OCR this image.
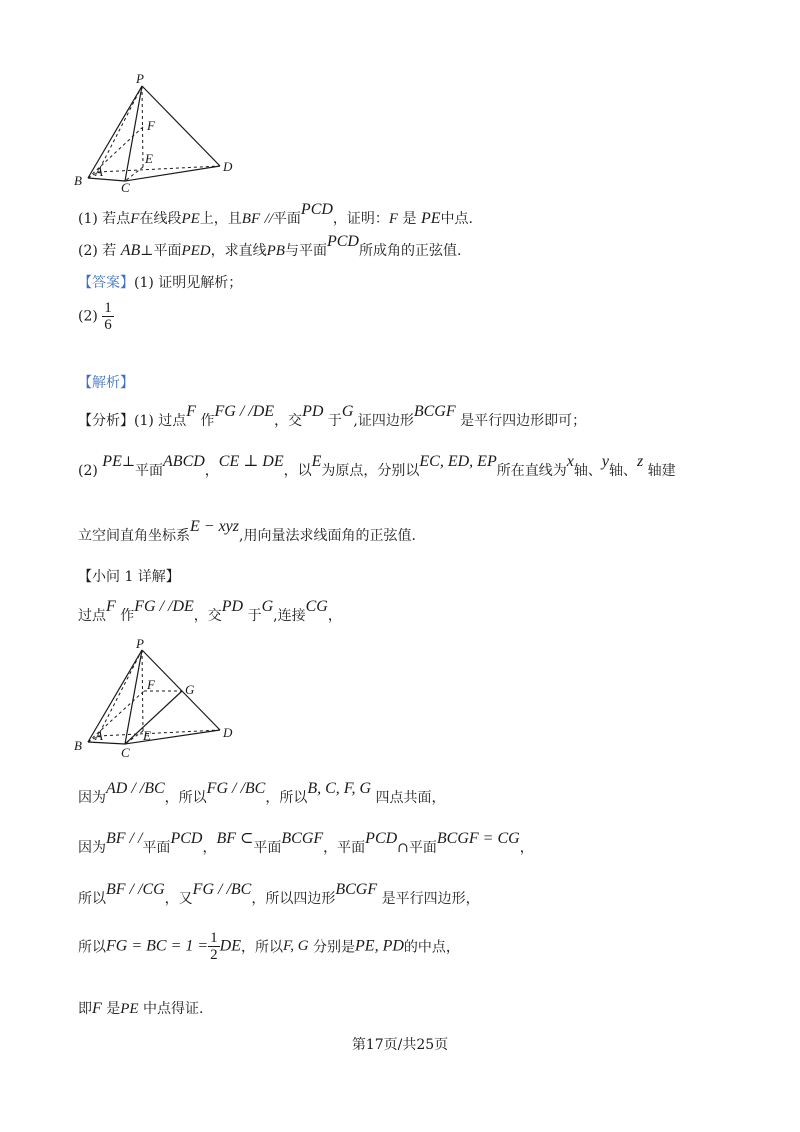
P
F
E
D
B
A
C
(1) 若点F在线段PE上，且BF //平面PCD，证明：F 是 PE中点.
(2) 若 AB⊥平面PED，求直线PB与平面PCD所成角的正弦值.
【答案】(1) 证明见解析；
$(2) \frac{1}{6}$
【解析】
【分析】(1) 过点F 作FG / /DE，交PD 于G,证四边形BCGF 是平行四边形即可；
(2) PE⊥平面ABCD，CE ⊥ DE，以E为原点，分别以EC, ED, EP所在直线为x轴、y轴、z 轴建
立空间直角坐标系E − xyz,用向量法求线面角的正弦值.
【小问 1 详解】
过点F 作FG / /DE，交PD 于G,连接CG，
P
F G
E	D
B
A
C
因为AD / /BC，所以FG / /BC，所以B, C, F, G 四点共面，
因为BF / /平面PCD，BF ⊂平面BCGF，平面PCD∩平面BCGF = CG，
所以BF / /CG，又FG / /BC，所以四边形BCGF 是平行四边形，
所以FG = BC = $1 = \frac{1}{2}$ DE，所以F, G 分别是PE, PD的中点，
即F 是PE 中点得证.
第17页/共25页
